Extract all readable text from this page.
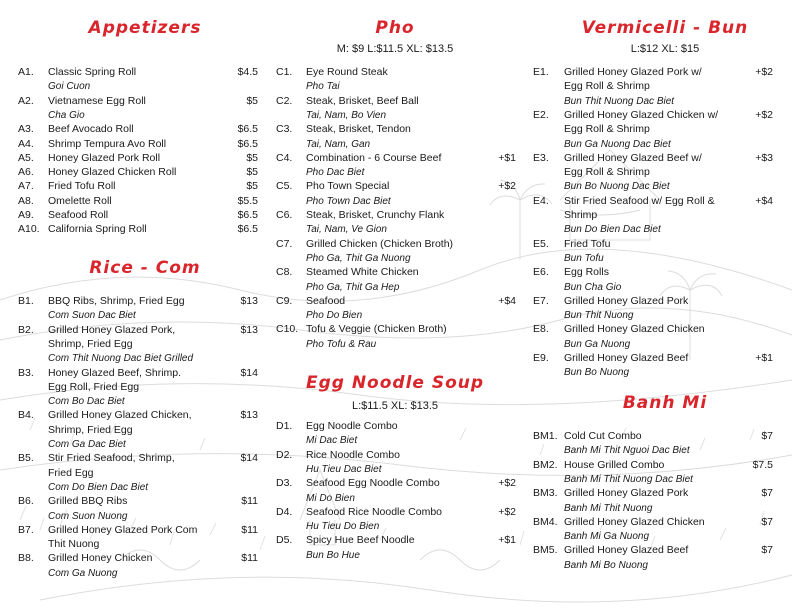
Appetizers
A1. Classic Spring Roll	$4.5
Goi Cuon
A2. Vietnamese Egg Roll	$5
Cha Gio
A3. Beef Avocado Roll	$6.5
A4. Shrimp Tempura Avo Roll	$6.5
A5. Honey Glazed Pork Roll	$5
A6. Honey Glazed Chicken Roll	$5
A7. Fried Tofu Roll	$5
A8. Omelette Roll	$5.5
A9. Seafood Roll	$6.5
A10. California Spring Roll	$6.5
Rice - Com
B1. BBQ Ribs, Shrimp, Fried Egg	$13
Com Suon Dac Biet
B2. Grilled Honey Glazed Pork,	$13
Shrimp, Fried Egg
Com Thit Nuong Dac Biet Grilled
B3. Honey Glazed Beef, Shrimp.	$14
Egg Roll, Fried Egg
Com Bo Dac Biet
B4. Grilled Honey Glazed Chicken,	$13
Shrimp, Fried Egg
Com Ga Dac Biet
B5. Stir Fried Seafood, Shrimp,	$14
Fried Egg
Com Do Bien Dac Biet
B6. Grilled BBQ Ribs	$11
Com Suon Nuong
B7. Grilled Honey Glazed Pork Com	$11
Thit Nuong
B8. Grilled Honey Chicken	$11
Com Ga Nuong
Pho
M: $9 L:$11.5 XL: $13.5
C1. Eye Round Steak
Pho Tai
C2. Steak, Brisket, Beef Ball
Tai, Nam, Bo Vien
C3. Steak, Brisket, Tendon
Tai, Nam, Gan
C4. Combination - 6 Course Beef	+$1
Pho Dac Biet
C5. Pho Town Special	+$2
Pho Town Dac Biet
C6. Steak, Brisket, Crunchy Flank
Tai, Nam, Ve Gion
C7. Grilled Chicken (Chicken Broth)
Pho Ga, Thit Ga Nuong
C8. Steamed White Chicken
Pho Ga, Thit Ga Hep
C9. Seafood	+$4
Pho Do Bien
C10. Tofu & Veggie (Chicken Broth)
Pho Tofu & Rau
Egg Noodle Soup
L:$11.5 XL: $13.5
D1. Egg Noodle Combo
Mi Dac Biet
D2. Rice Noodle Combo
Hu Tieu Dac Biet
D3. Seafood Egg Noodle Combo	+$2
Mi Do Bien
D4. Seafood Rice Noodle Combo	+$2
Hu Tieu Do Bien
D5. Spicy Hue Beef Noodle	+$1
Bun Bo Hue
Vermicelli - Bun
L:$12 XL: $15
E1. Grilled Honey Glazed Pork w/	+$2
Egg Roll & Shrimp
Bun Thit Nuong Dac Biet
E2. Grilled Honey Glazed Chicken w/	+$2
Egg Roll & Shrimp
Bun Ga Nuong Dac Biet
E3. Grilled Honey Glazed Beef w/	+$3
Egg Roll & Shrimp
Bun Bo Nuong Dac Biet
E4. Stir Fried Seafood w/ Egg Roll &	+$4
Shrimp
Bun Do Bien Dac Biet
E5. Fried Tofu
Bun Tofu
E6. Egg Rolls
Bun Cha Gio
E7. Grilled Honey Glazed Pork
Bun Thit Nuong
E8. Grilled Honey Glazed Chicken
Bun Ga Nuong
E9. Grilled Honey Glazed Beef	+$1
Bun Bo Nuong
Banh Mi
BM1. Cold Cut Combo	$7
Banh Mi Thit Nguoi Dac Biet
BM2. House Grilled Combo	$7.5
Banh Mi Thit Nuong Dac Biet
BM3. Grilled Honey Glazed Pork	$7
Banh Mi Thit Nuong
BM4. Grilled Honey Glazed Chicken	$7
Banh Mi Ga Nuong
BM5. Grilled Honey Glazed Beef	$7
Banh Mi Bo Nuong
